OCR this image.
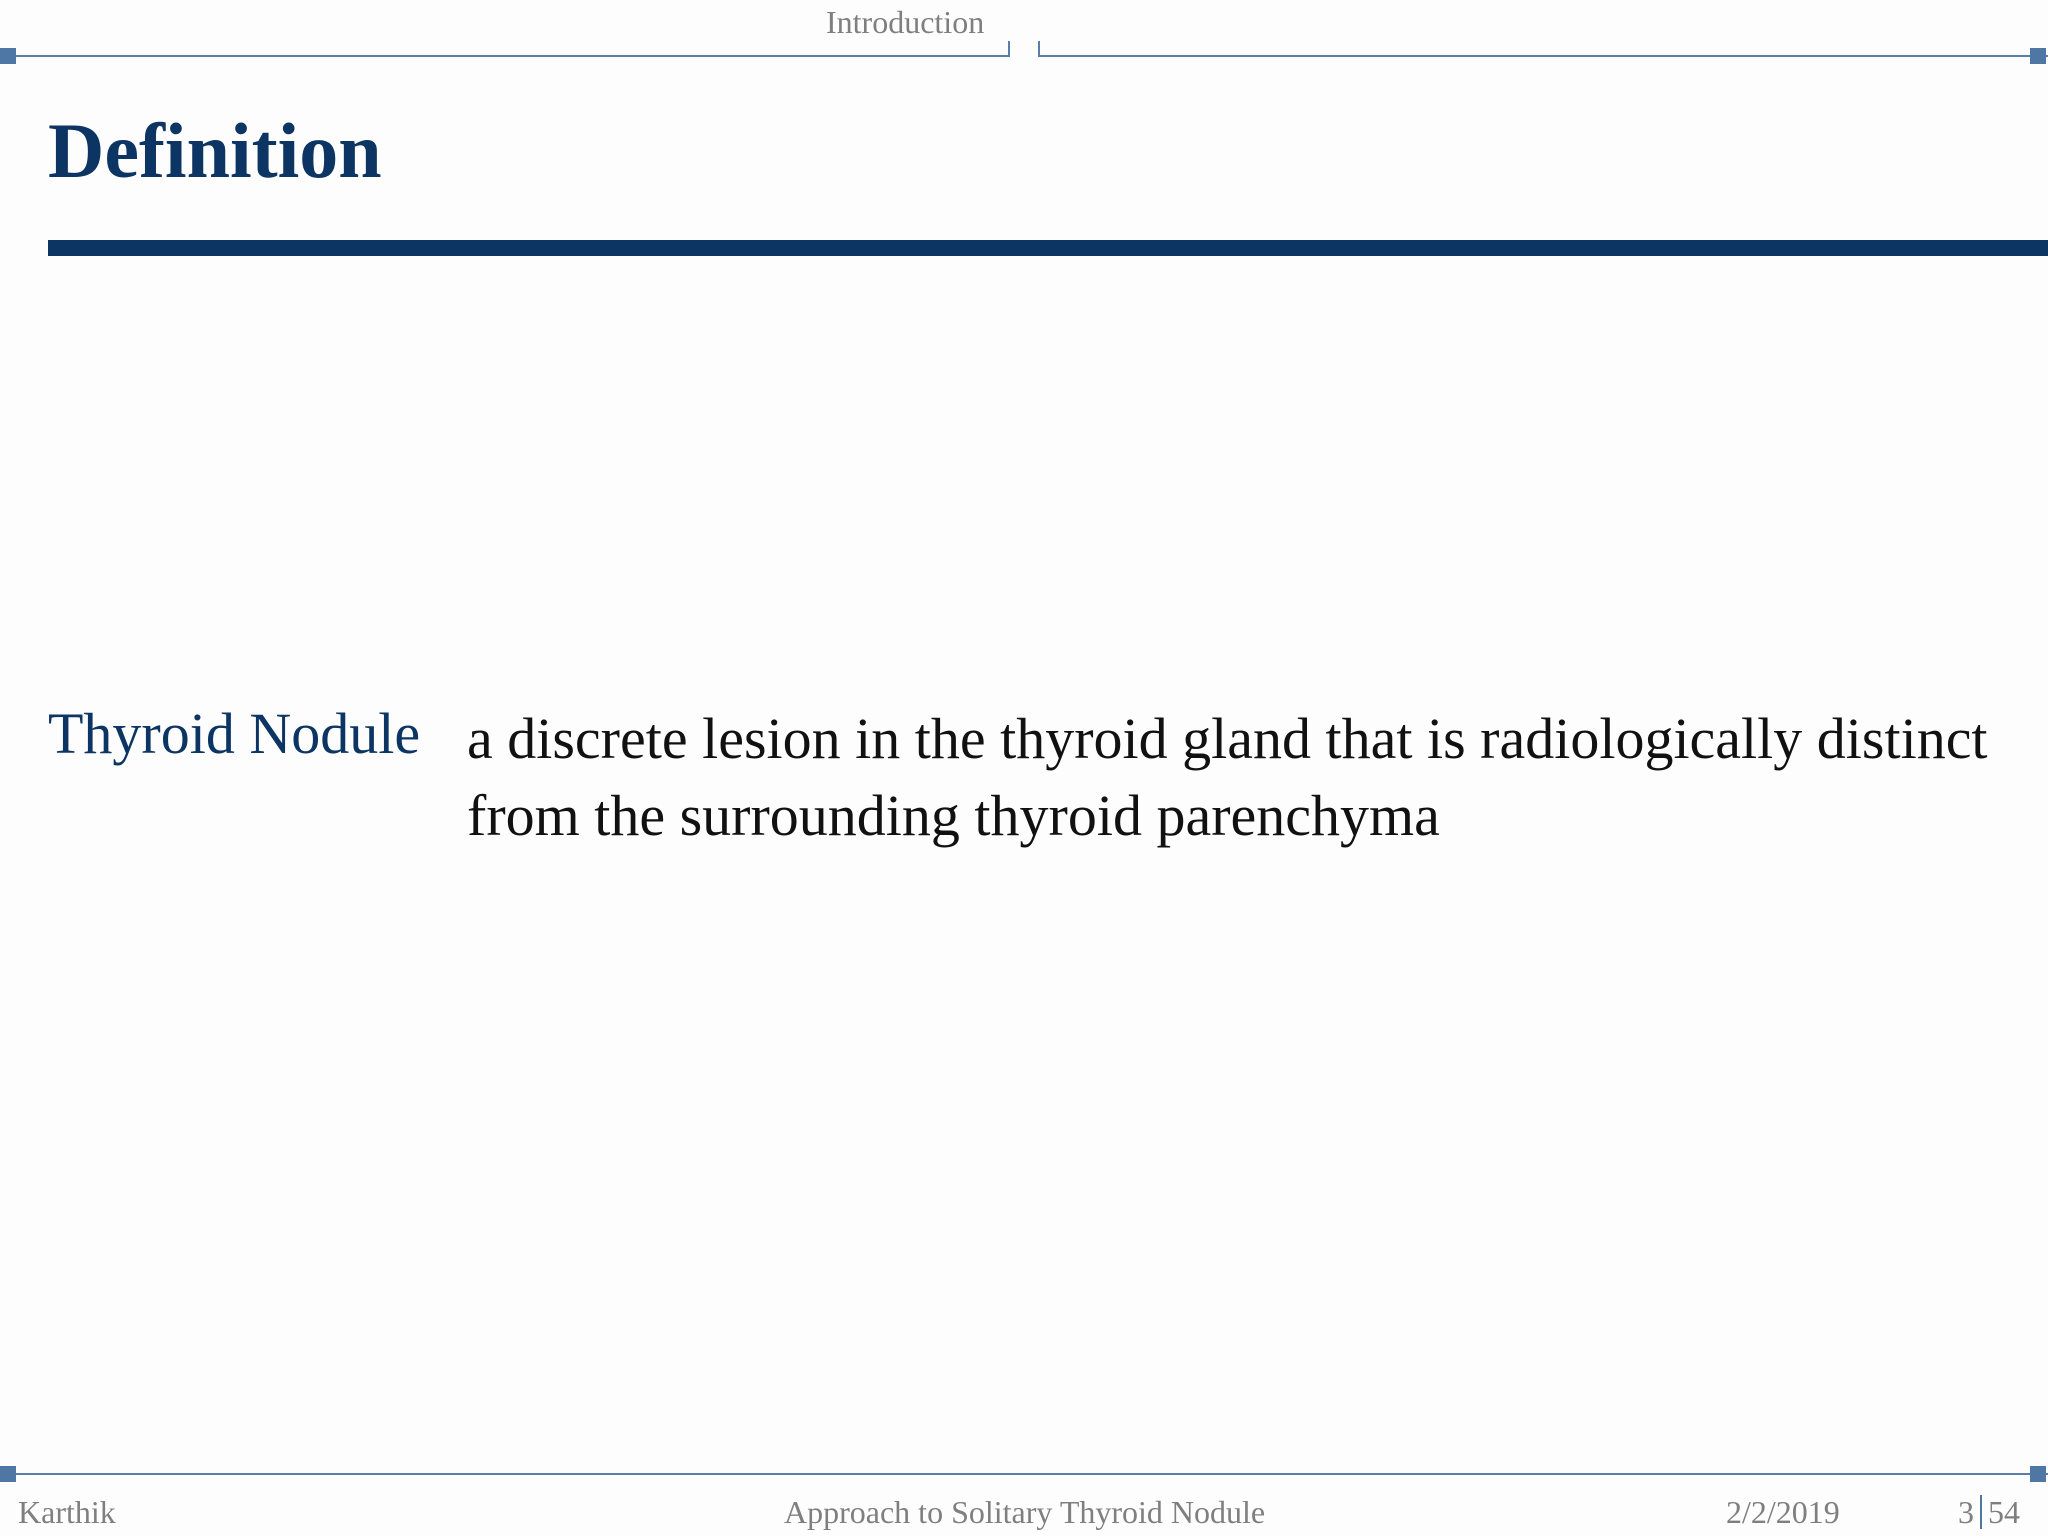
Introduction
Definition
Thyroid Nodule a discrete lesion in the thyroid gland that is radiologically distinct from the surrounding thyroid parenchyma
Karthik	Approach to Solitary Thyroid Nodule	2/2/2019	3 54
